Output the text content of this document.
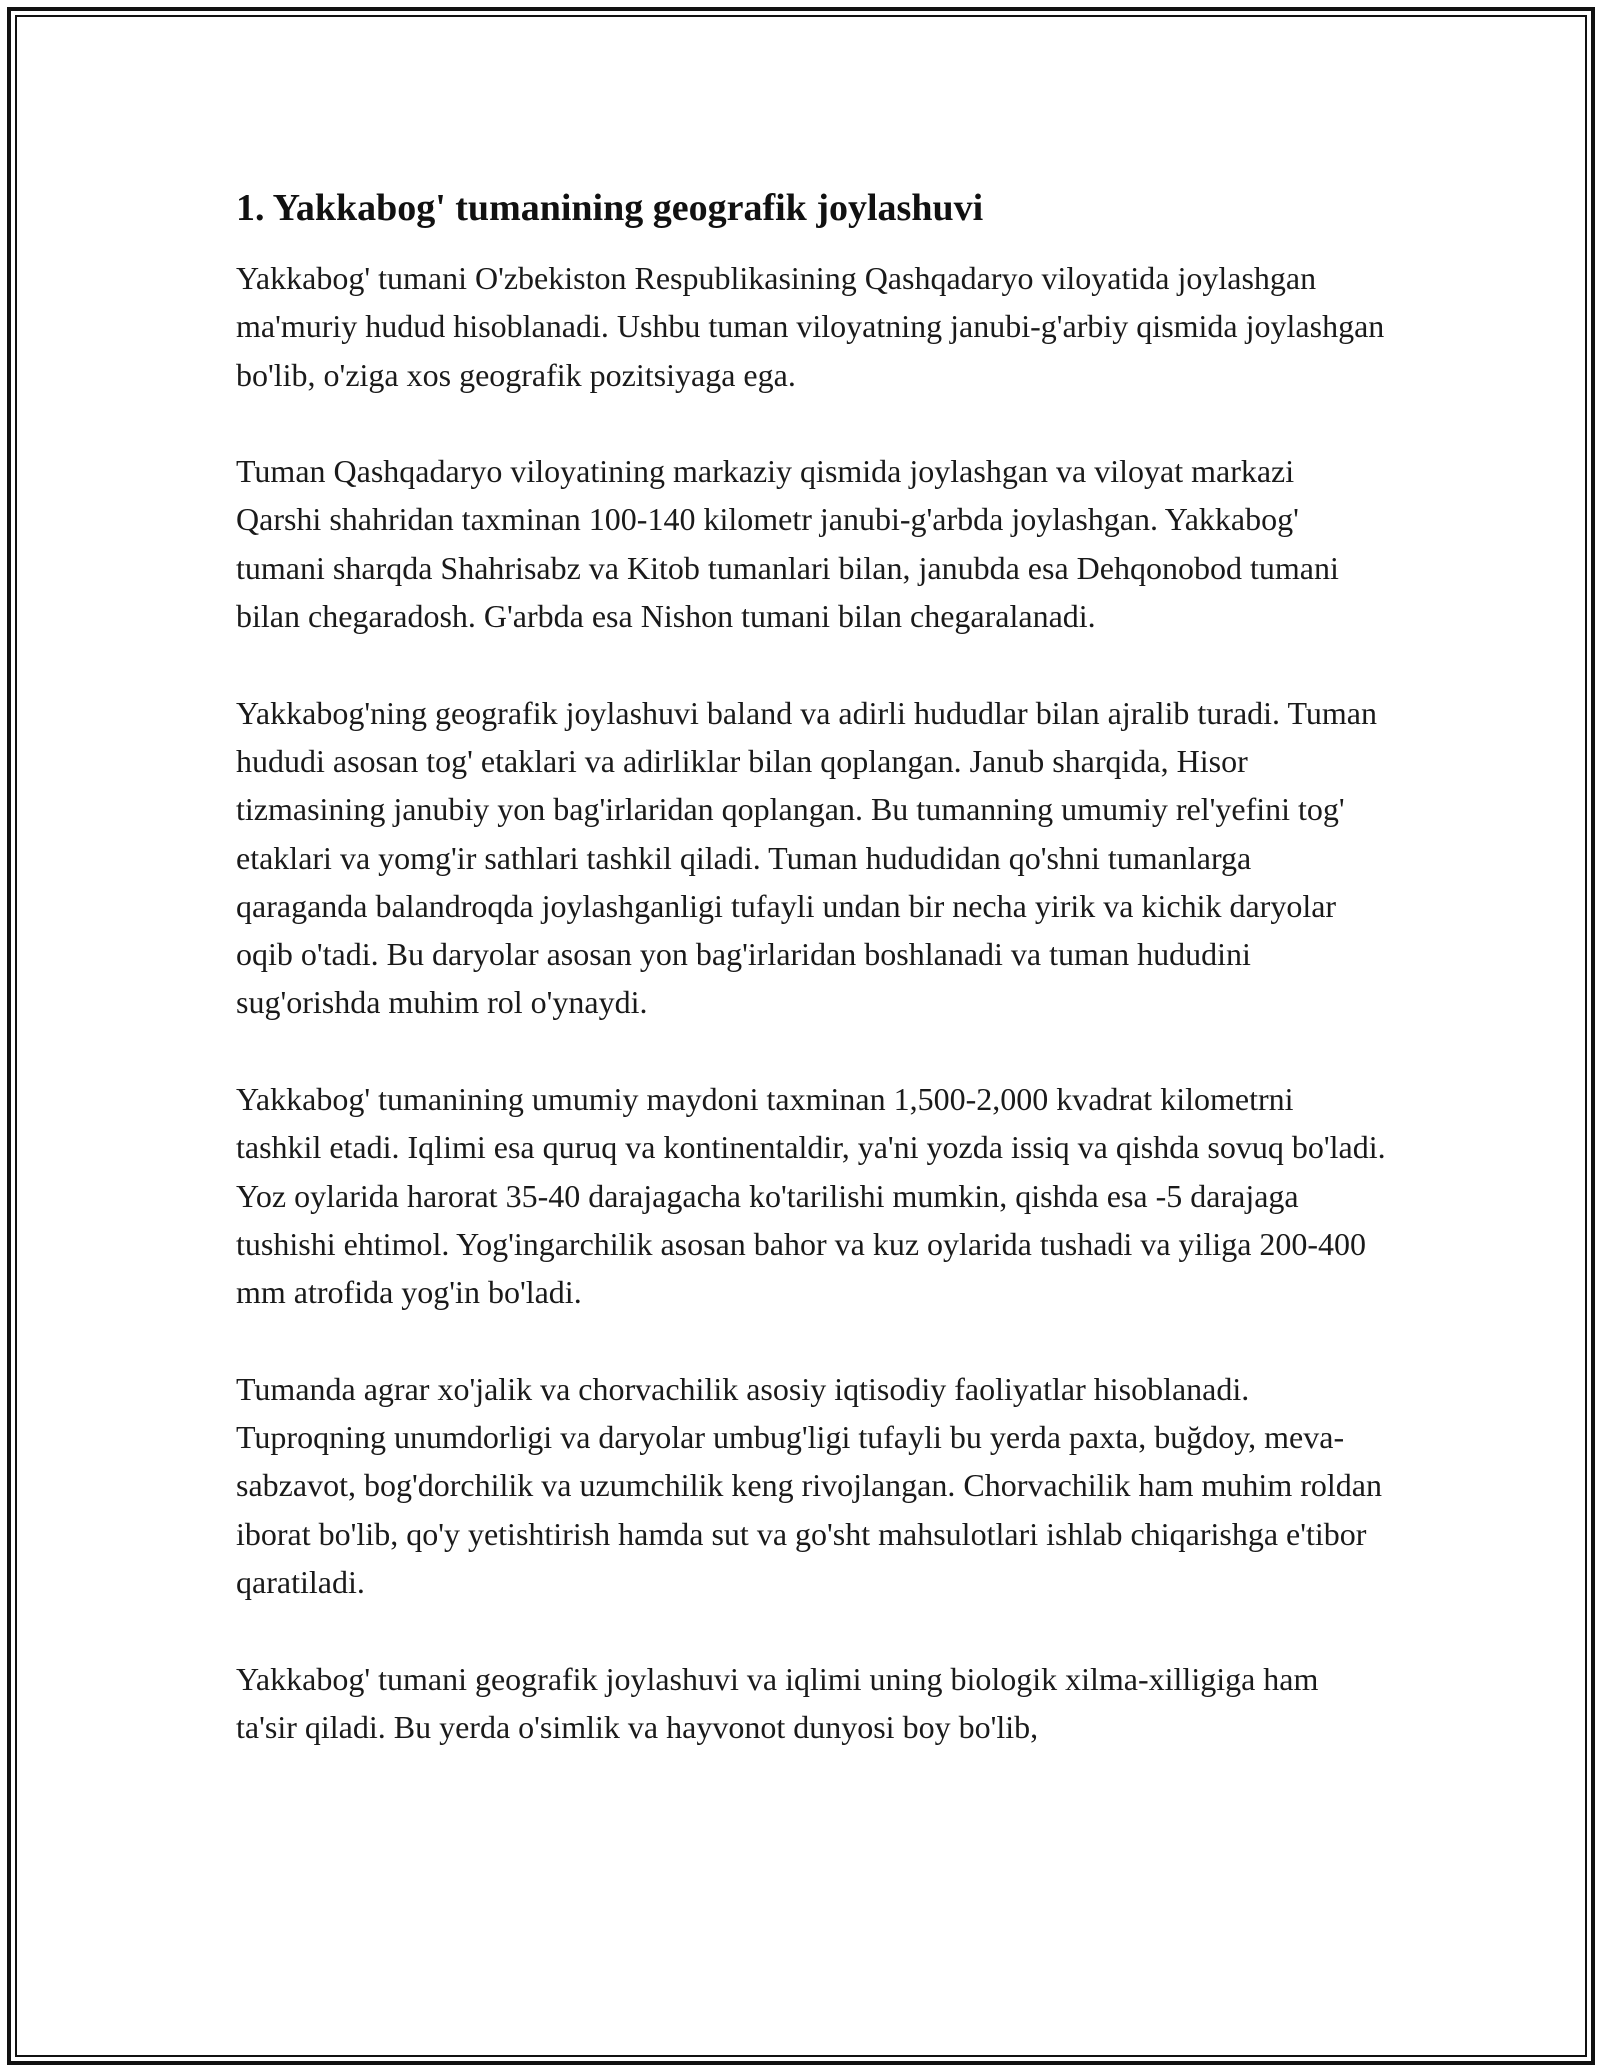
1. Yakkabog' tumanining geografik joylashuvi

Yakkabog' tumani O'zbekiston Respublikasining Qashqadaryo viloyatida joylashgan ma'muriy hudud hisoblanadi. Ushbu tuman viloyatning janubi-g'arbiy qismida joylashgan bo'lib, o'ziga xos geografik pozitsiyaga ega.

Tuman Qashqadaryo viloyatining markaziy qismida joylashgan va viloyat markazi Qarshi shahridan taxminan 100-140 kilometr janubi-g'arbda joylashgan. Yakkabog' tumani sharqda Shahrisabz va Kitob tumanlari bilan, janubda esa Dehqonobod tumani bilan chegaradosh. G'arbda esa Nishon tumani bilan chegaralanadi.

Yakkabog'ning geografik joylashuvi baland va adirli hududlar bilan ajralib turadi. Tuman hududi asosan tog' etaklari va adirliklar bilan qoplangan. Janub sharqida, Hisor tizmasining janubiy yon bag'irlaridan qoplangan. Bu tumanning umumiy rel'yefini tog' etaklari va yomg'ir sathlari tashkil qiladi. Tuman hududidan qo'shni tumanlarga qaraganda balandroqda joylashganligi tufayli undan bir necha yirik va kichik daryolar oqib o'tadi. Bu daryolar asosan yon bag'irlaridan boshlanadi va tuman hududini sug'orishda muhim rol o'ynaydi.

Yakkabog' tumanining umumiy maydoni taxminan 1,500-2,000 kvadrat kilometrni tashkil etadi. Iqlimi esa quruq va kontinentaldir, ya'ni yozda issiq va qishda sovuq bo'ladi. Yoz oylarida harorat 35-40 darajagacha ko'tarilishi mumkin, qishda esa -5 darajaga tushishi ehtimol. Yog'ingarchilik asosan bahor va kuz oylarida tushadi va yiliga 200-400 mm atrofida yog'in bo'ladi.

Tumanda agrar xo'jalik va chorvachilik asosiy iqtisodiy faoliyatlar hisoblanadi. Tuproqning unumdorligi va daryolar umbug'ligi tufayli bu yerda paxta, buğdoy, meva-sabzavot, bog'dorchilik va uzumchilik keng rivojlangan. Chorvachilik ham muhim roldan iborat bo'lib, qo'y yetishtirish hamda sut va go'sht mahsulotlari ishlab chiqarishga e'tibor qaratiladi.

Yakkabog' tumani geografik joylashuvi va iqlimi uning biologik xilma-xilligiga ham ta'sir qiladi. Bu yerda o'simlik va hayvonot dunyosi boy bo'lib,
